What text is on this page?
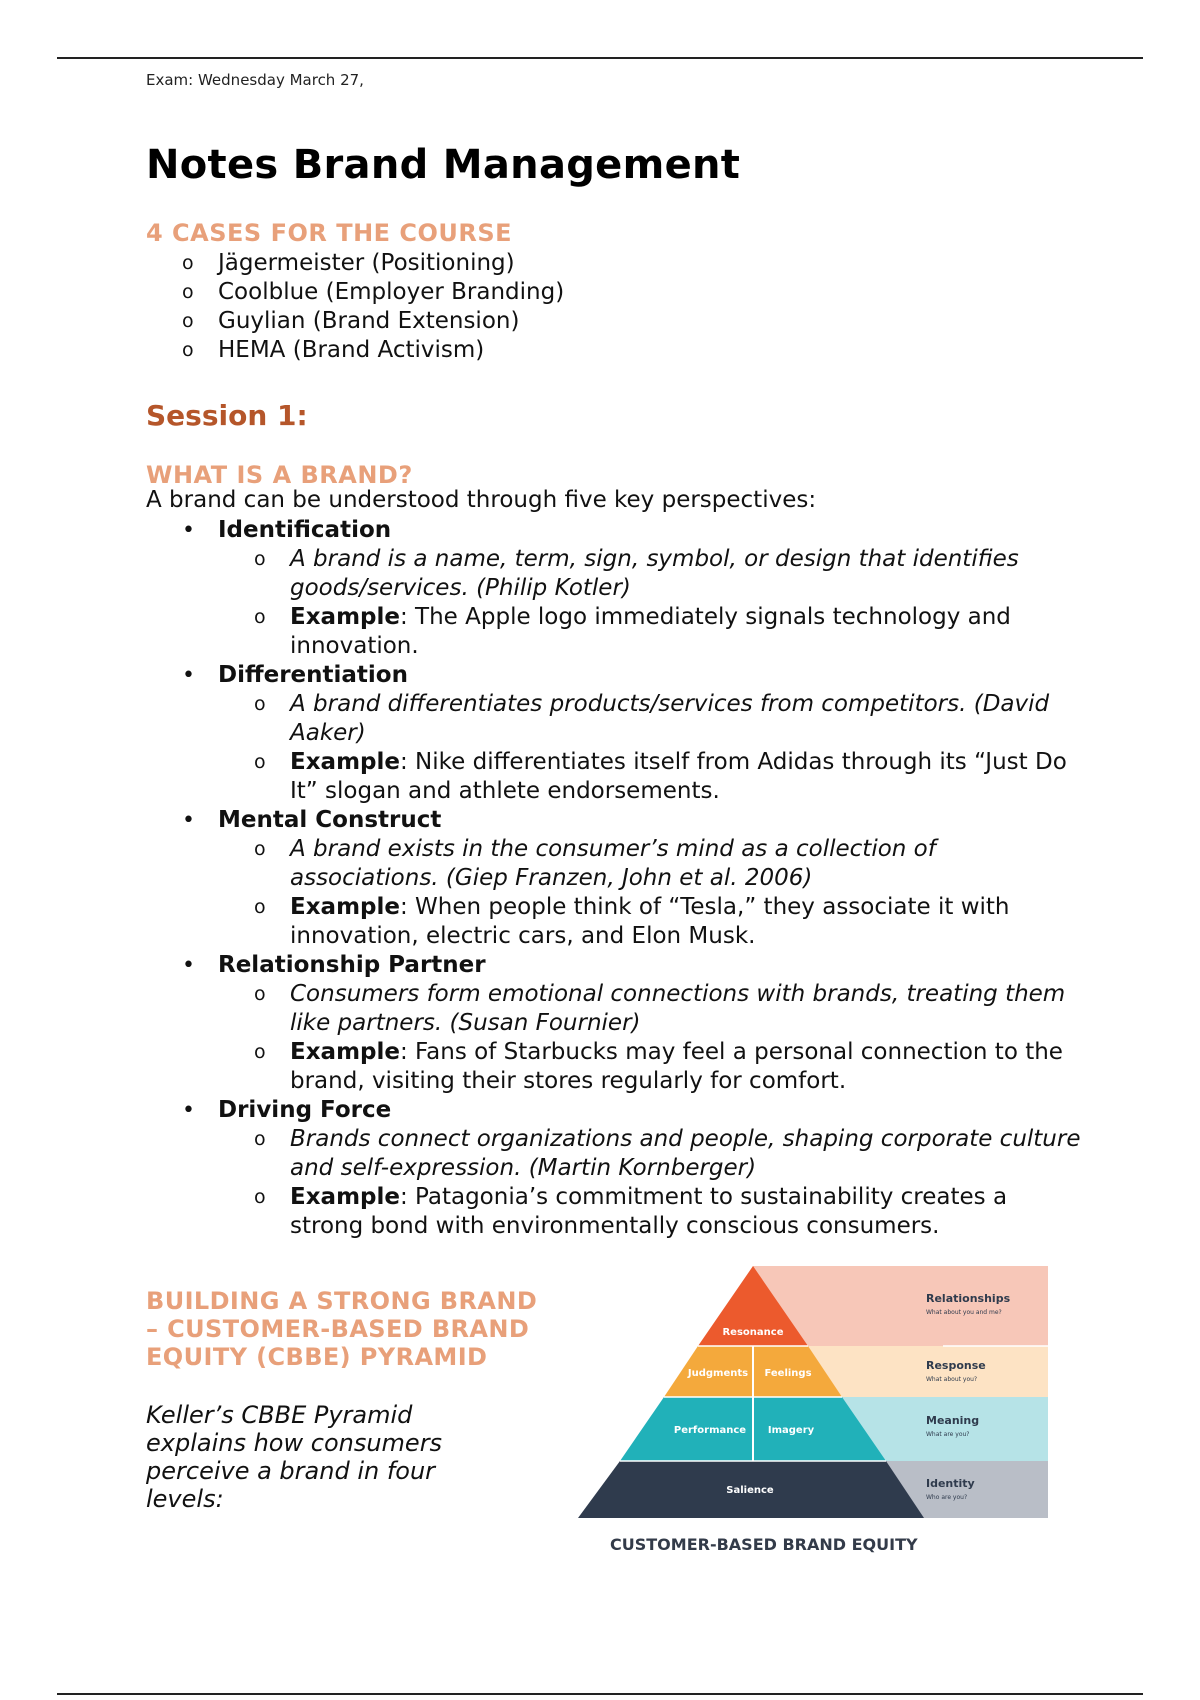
Exam: Wednesday March 27,
Notes Brand Management
4 CASES FOR THE COURSE
o Jägermeister (Positioning)
o Coolblue (Employer Branding)
o Guylian (Brand Extension)
o HEMA (Brand Activism)
Session 1:
WHAT IS A BRAND?

A brand can be understood through five key perspectives:

• Identification
o A brand is a name, term, sign, symbol, or design that identifies goods/services. (Philip Kotler)
o Example: The Apple logo immediately signals technology and innovation.
• Differentiation
o A brand differentiates products/services from competitors. (David Aaker)
o Example: Nike differentiates itself from Adidas through its “Just Do It” slogan and athlete endorsements.
• Mental Construct
o A brand exists in the consumer’s mind as a collection of associations. (Giep Franzen, John et al. 2006)
o Example: When people think of “Tesla,” they associate it with innovation, electric cars, and Elon Musk.
• Relationship Partner
o Consumers form emotional connections with brands, treating them like partners. (Susan Fournier)
o Example: Fans of Starbucks may feel a personal connection to the brand, visiting their stores regularly for comfort.
• Driving Force
o Brands connect organizations and people, shaping corporate culture and self-expression. (Martin Kornberger)
o Example: Patagonia’s commitment to sustainability creates a strong bond with environmentally conscious consumers.
BUILDING A STRONG BRAND – CUSTOMER-BASED BRAND EQUITY (CBBE) PYRAMID

Keller’s CBBE Pyramid explains how consumers perceive a brand in four levels:

Resonance
Judgments Feelings
Performance Imagery
Salience
Relationships
What about you and me?
Response
What about you?
Meaning
What are you?
Identity
Who are you?
CUSTOMER-BASED BRAND EQUITY
